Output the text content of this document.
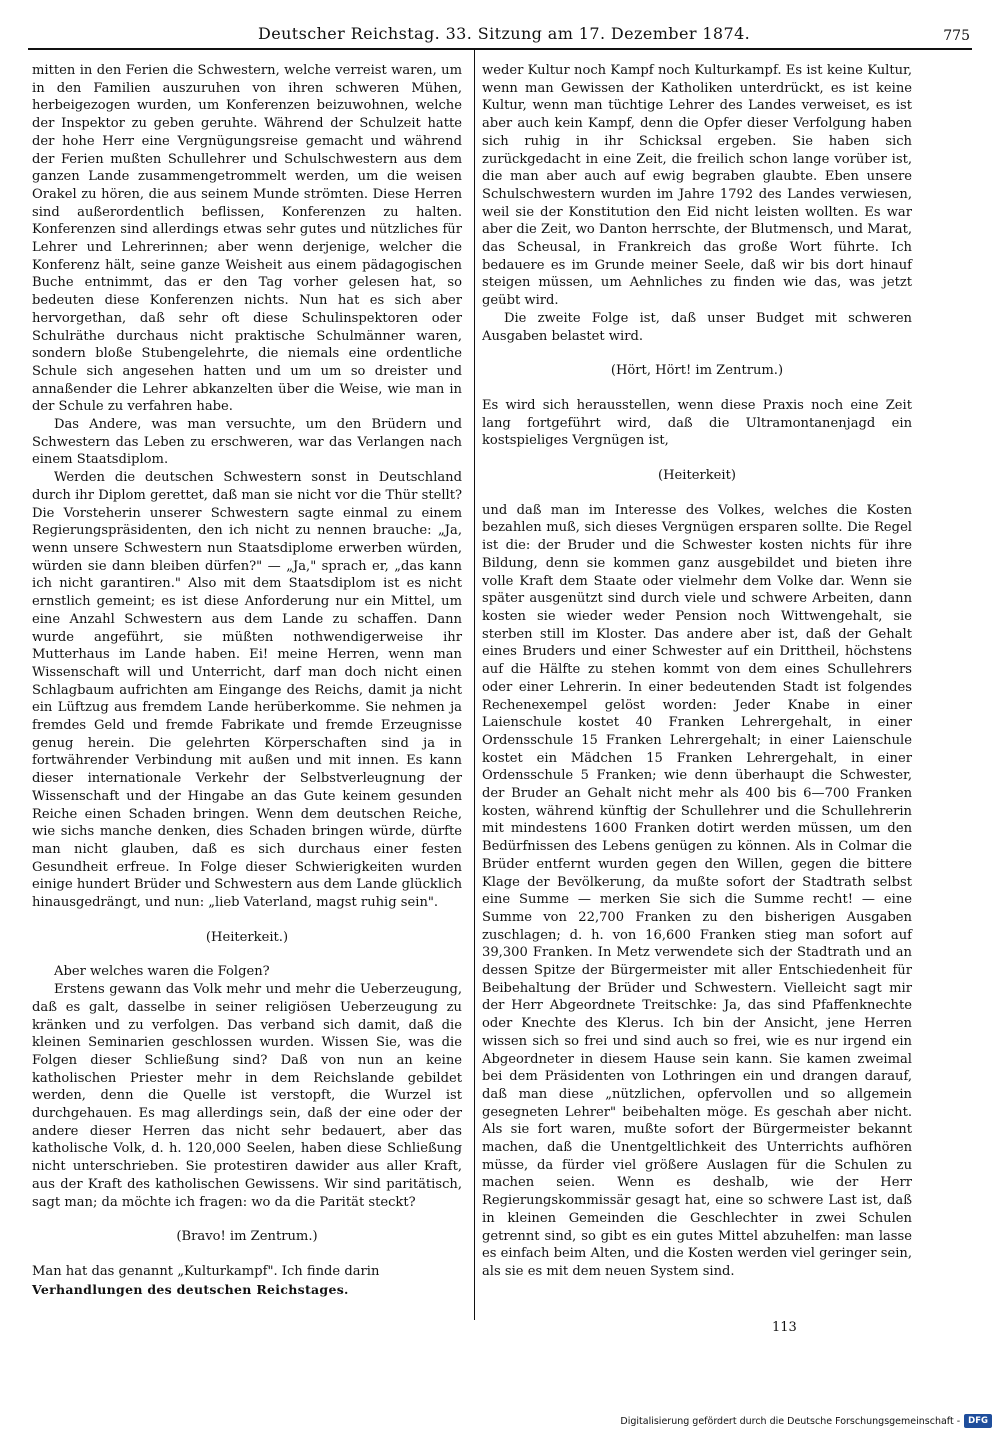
Deutscher Reichstag. 33. Sitzung am 17. Dezember 1874.	775

mitten in den Ferien die Schwestern, welche verreist waren, um in den Familien auszuruhen von ihren schweren Mühen, herbeigezogen wurden, um Konferenzen beizuwohnen, welche der Inspektor zu geben geruhte. Während der Schulzeit hatte der hohe Herr eine Vergnügungsreise gemacht und während der Ferien mußten Schullehrer und Schulschwestern aus dem ganzen Lande zusammengetrommelt werden, um die weisen Orakel zu hören, die aus seinem Munde strömten. Diese Herren sind außerordentlich beflissen, Konferenzen zu halten. Konferenzen sind allerdings etwas sehr gutes und nützliches für Lehrer und Lehrerinnen; aber wenn derjenige, welcher die Konferenz hält, seine ganze Weisheit aus einem pädagogischen Buche entnimmt, das er den Tag vorher gelesen hat, so bedeuten diese Konferenzen nichts. Nun hat es sich aber hervorgethan, daß sehr oft diese Schulinspektoren oder Schulräthe durchaus nicht praktische Schulmänner waren, sondern bloße Stubengelehrte, die niemals eine ordentliche Schule sich angesehen hatten und um um so dreister und annaßender die Lehrer abkanzelten über die Weise, wie man in der Schule zu verfahren habe.

Das Andere, was man versuchte, um den Brüdern und Schwestern das Leben zu erschweren, war das Verlangen nach einem Staatsdiplom.

Werden die deutschen Schwestern sonst in Deutschland durch ihr Diplom gerettet, daß man sie nicht vor die Thür stellt? Die Vorsteherin unserer Schwestern sagte einmal zu einem Regierungspräsidenten, den ich nicht zu nennen brauche: „Ja, wenn unsere Schwestern nun Staatsdiplome erwerben würden, würden sie dann bleiben dürfen?" — „Ja," sprach er, „das kann ich nicht garantiren." Also mit dem Staatsdiplom ist es nicht ernstlich gemeint; es ist diese Anforderung nur ein Mittel, um eine Anzahl Schwestern aus dem Lande zu schaffen. Dann wurde angeführt, sie müßten nothwendigerweise ihr Mutterhaus im Lande haben. Ei! meine Herren, wenn man Wissenschaft will und Unterricht, darf man doch nicht einen Schlagbaum aufrichten am Eingange des Reichs, damit ja nicht ein Lüftzug aus fremdem Lande herüberkomme. Sie nehmen ja fremdes Geld und fremde Fabrikate und fremde Erzeugnisse genug herein. Die gelehrten Körperschaften sind ja in fortwährender Verbindung mit außen und mit innen. Es kann dieser internationale Verkehr der Selbstverleugnung der Wissenschaft und der Hingabe an das Gute keinem gesunden Reiche einen Schaden bringen. Wenn dem deutschen Reiche, wie sichs manche denken, dies Schaden bringen würde, dürfte man nicht glauben, daß es sich durchaus einer festen Gesundheit erfreue. In Folge dieser Schwierigkeiten wurden einige hundert Brüder und Schwestern aus dem Lande glücklich hinausgedrängt, und nun: „lieb Vaterland, magst ruhig sein".

(Heiterkeit.)

Aber welches waren die Folgen?

Erstens gewann das Volk mehr und mehr die Ueberzeugung, daß es galt, dasselbe in seiner religiösen Ueberzeugung zu kränken und zu verfolgen. Das verband sich damit, daß die kleinen Seminarien geschlossen wurden. Wissen Sie, was die Folgen dieser Schließung sind? Daß von nun an keine katholischen Priester mehr in dem Reichslande gebildet werden, denn die Quelle ist verstopft, die Wurzel ist durchgehauen. Es mag allerdings sein, daß der eine oder der andere dieser Herren das nicht sehr bedauert, aber das katholische Volk, d. h. 120,000 Seelen, haben diese Schließung nicht unterschrieben. Sie protestiren dawider aus aller Kraft, aus der Kraft des katholischen Gewissens. Wir sind paritätisch, sagt man; da möchte ich fragen: wo da die Parität steckt?

(Bravo! im Zentrum.)

Man hat das genannt „Kulturkampf". Ich finde darin

Verhandlungen des deutschen Reichstages.

weder Kultur noch Kampf noch Kulturkampf. Es ist keine Kultur, wenn man Gewissen der Katholiken unterdrückt, es ist keine Kultur, wenn man tüchtige Lehrer des Landes verweiset, es ist aber auch kein Kampf, denn die Opfer dieser Verfolgung haben sich ruhig in ihr Schicksal ergeben. Sie haben sich zurückgedacht in eine Zeit, die freilich schon lange vorüber ist, die man aber auch auf ewig begraben glaubte. Eben unsere Schulschwestern wurden im Jahre 1792 des Landes verwiesen, weil sie der Konstitution den Eid nicht leisten wollten. Es war aber die Zeit, wo Danton herrschte, der Blutmensch, und Marat, das Scheusal, in Frankreich das große Wort führte. Ich bedauere es im Grunde meiner Seele, daß wir bis dort hinauf steigen müssen, um Aehnliches zu finden wie das, was jetzt geübt wird.

Die zweite Folge ist, daß unser Budget mit schweren Ausgaben belastet wird.

(Hört, Hört! im Zentrum.)

Es wird sich herausstellen, wenn diese Praxis noch eine Zeit lang fortgeführt wird, daß die Ultramontanenjagd ein kostspieliges Vergnügen ist,

(Heiterkeit)

und daß man im Interesse des Volkes, welches die Kosten bezahlen muß, sich dieses Vergnügen ersparen sollte. Die Regel ist die: der Bruder und die Schwester kosten nichts für ihre Bildung, denn sie kommen ganz ausgebildet und bieten ihre volle Kraft dem Staate oder vielmehr dem Volke dar. Wenn sie später ausgenützt sind durch viele und schwere Arbeiten, dann kosten sie wieder weder Pension noch Wittwengehalt, sie sterben still im Kloster. Das andere aber ist, daß der Gehalt eines Bruders und einer Schwester auf ein Drittheil, höchstens auf die Hälfte zu stehen kommt von dem eines Schullehrers oder einer Lehrerin. In einer bedeutenden Stadt ist folgendes Rechenexempel gelöst worden: Jeder Knabe in einer Laienschule kostet 40 Franken Lehrergehalt, in einer Ordensschule 15 Franken Lehrergehalt; in einer Laienschule kostet ein Mädchen 15 Franken Lehrergehalt, in einer Ordensschule 5 Franken; wie denn überhaupt die Schwester, der Bruder an Gehalt nicht mehr als 400 bis 6—700 Franken kosten, während künftig der Schullehrer und die Schullehrerin mit mindestens 1600 Franken dotirt werden müssen, um den Bedürfnissen des Lebens genügen zu können. Als in Colmar die Brüder entfernt wurden gegen den Willen, gegen die bittere Klage der Bevölkerung, da mußte sofort der Stadtrath selbst eine Summe — merken Sie sich die Summe recht! — eine Summe von 22,700 Franken zu den bisherigen Ausgaben zuschlagen; d. h. von 16,600 Franken stieg man sofort auf 39,300 Franken. In Metz verwendete sich der Stadtrath und an dessen Spitze der Bürgermeister mit aller Entschiedenheit für Beibehaltung der Brüder und Schwestern. Vielleicht sagt mir der Herr Abgeordnete Treitschke: Ja, das sind Pfaffenknechte oder Knechte des Klerus. Ich bin der Ansicht, jene Herren wissen sich so frei und sind auch so frei, wie es nur irgend ein Abgeordneter in diesem Hause sein kann. Sie kamen zweimal bei dem Präsidenten von Lothringen ein und drangen darauf, daß man diese „nützlichen, opfervollen und so allgemein gesegneten Lehrer" beibehalten möge. Es geschah aber nicht. Als sie fort waren, mußte sofort der Bürgermeister bekannt machen, daß die Unentgeltlichkeit des Unterrichts aufhören müsse, da fürder viel größere Auslagen für die Schulen zu machen seien. Wenn es deshalb, wie der Herr Regierungskommissär gesagt hat, eine so schwere Last ist, daß in kleinen Gemeinden die Geschlechter in zwei Schulen getrennt sind, so gibt es ein gutes Mittel abzuhelfen: man lasse es einfach beim Alten, und die Kosten werden viel geringer sein, als sie es mit dem neuen System sind.

113
Digitalisierung gefördert durch die Deutsche Forschungsgemeinschaft - DFG
